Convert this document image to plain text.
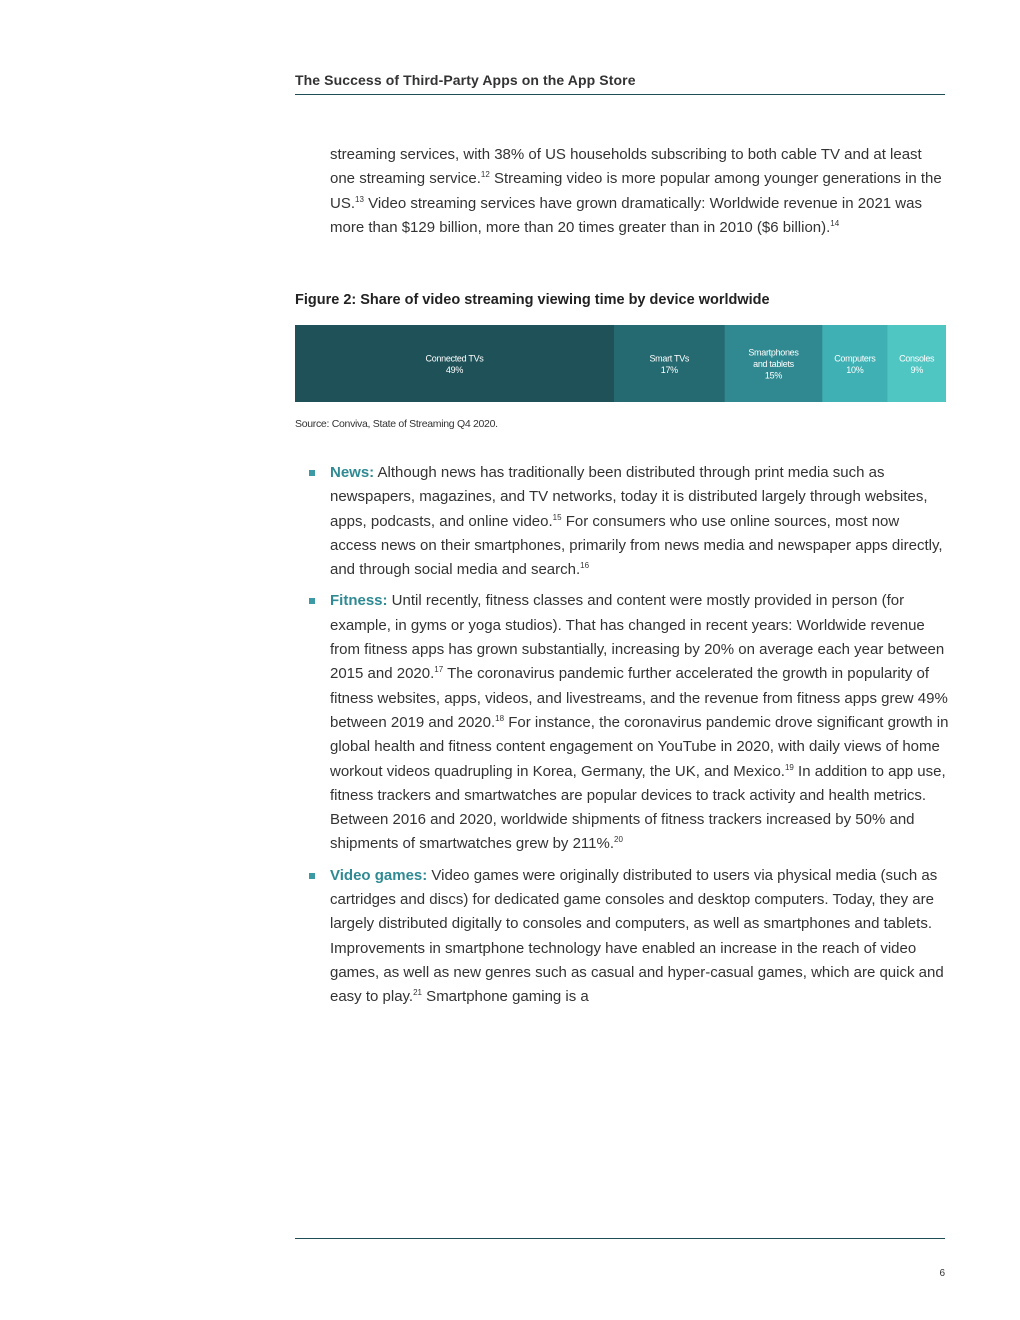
The Success of Third-Party Apps on the App Store
streaming services, with 38% of US households subscribing to both cable TV and at least one streaming service.$^{12}$ Streaming video is more popular among younger generations in the US.$^{13}$ Video streaming services have grown dramatically: Worldwide revenue in 2021 was more than $129 billion, more than 20 times greater than in 2010 ($6 billion).$^{14}$
Figure 2: Share of video streaming viewing time by device worldwide
Connected TVs
49%
Smart TVs
17%
Smartphones
and tablets
15%
Computers
10%
Consoles
9%
Source: Conviva, State of Streaming Q4 2020.
News: Although news has traditionally been distributed through print media such as newspapers, magazines, and TV networks, today it is distributed largely through websites, apps, podcasts, and online video.$^{15}$ For consumers who use online sources, most now access news on their smartphones, primarily from news media and newspaper apps directly, and through social media and search.$^{16}$
Fitness: Until recently, fitness classes and content were mostly provided in person (for example, in gyms or yoga studios). That has changed in recent years: Worldwide revenue from fitness apps has grown substantially, increasing by 20% on average each year between 2015 and 2020.17 The coronavirus pandemic further accelerated the growth in popularity of fitness websites, apps, videos, and livestreams, and the revenue from fitness apps grew 49% between 2019 and 2020.18 For instance, the coronavirus pandemic drove significant growth in global health and fitness content engagement on YouTube in 2020, with daily views of home workout videos quadrupling in Korea, Germany, the UK, and Mexico.$^{19}$ In addition to app use, fitness trackers and smartwatches are popular devices to track activity and health metrics. Between 2016 and 2020, worldwide shipments of fitness trackers increased by 50% and shipments of smartwatches grew by 211%.$^{20}$
Video games: Video games were originally distributed to users via physical media (such as cartridges and discs) for dedicated game consoles and desktop computers. Today, they are largely distributed digitally to consoles and computers, as well as smartphones and tablets. Improvements in smartphone technology have enabled an increase in the reach of video games, as well as new genres such as casual and hyper-casual games, which are quick and easy to play.$^{21}$ Smartphone gaming is a
6
